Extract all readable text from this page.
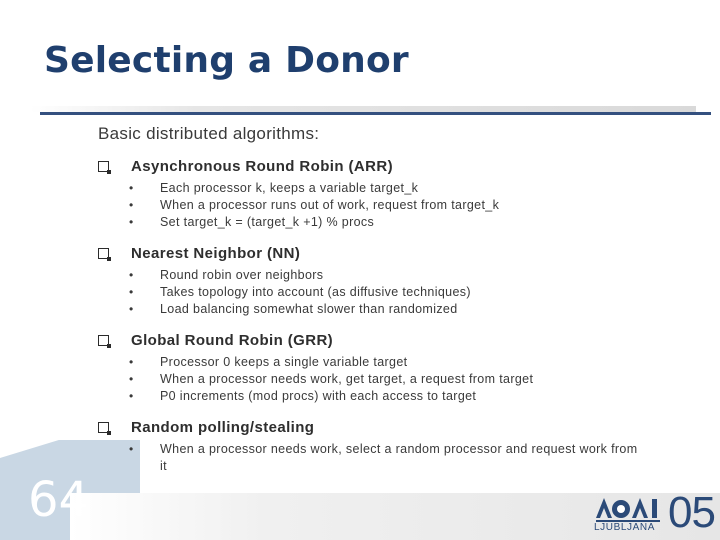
Selecting a Donor
Basic distributed algorithms:
Asynchronous Round Robin (ARR)
• Each processor k, keeps a variable target_k
• When a processor runs out of work, request from target_k
• Set target_k = (target_k +1) % procs
Nearest Neighbor (NN)
• Round robin over neighbors
• Takes topology into account (as diffusive techniques)
• Load balancing somewhat slower than randomized
Global Round Robin (GRR)
• Processor 0 keeps a single variable target
• When a processor needs work, get target, a request from target
• P0 increments (mod procs) with each access to target
Random polling/stealing
• When a processor needs work, select a random processor and request work from it
64	LJUBLJANA 05
